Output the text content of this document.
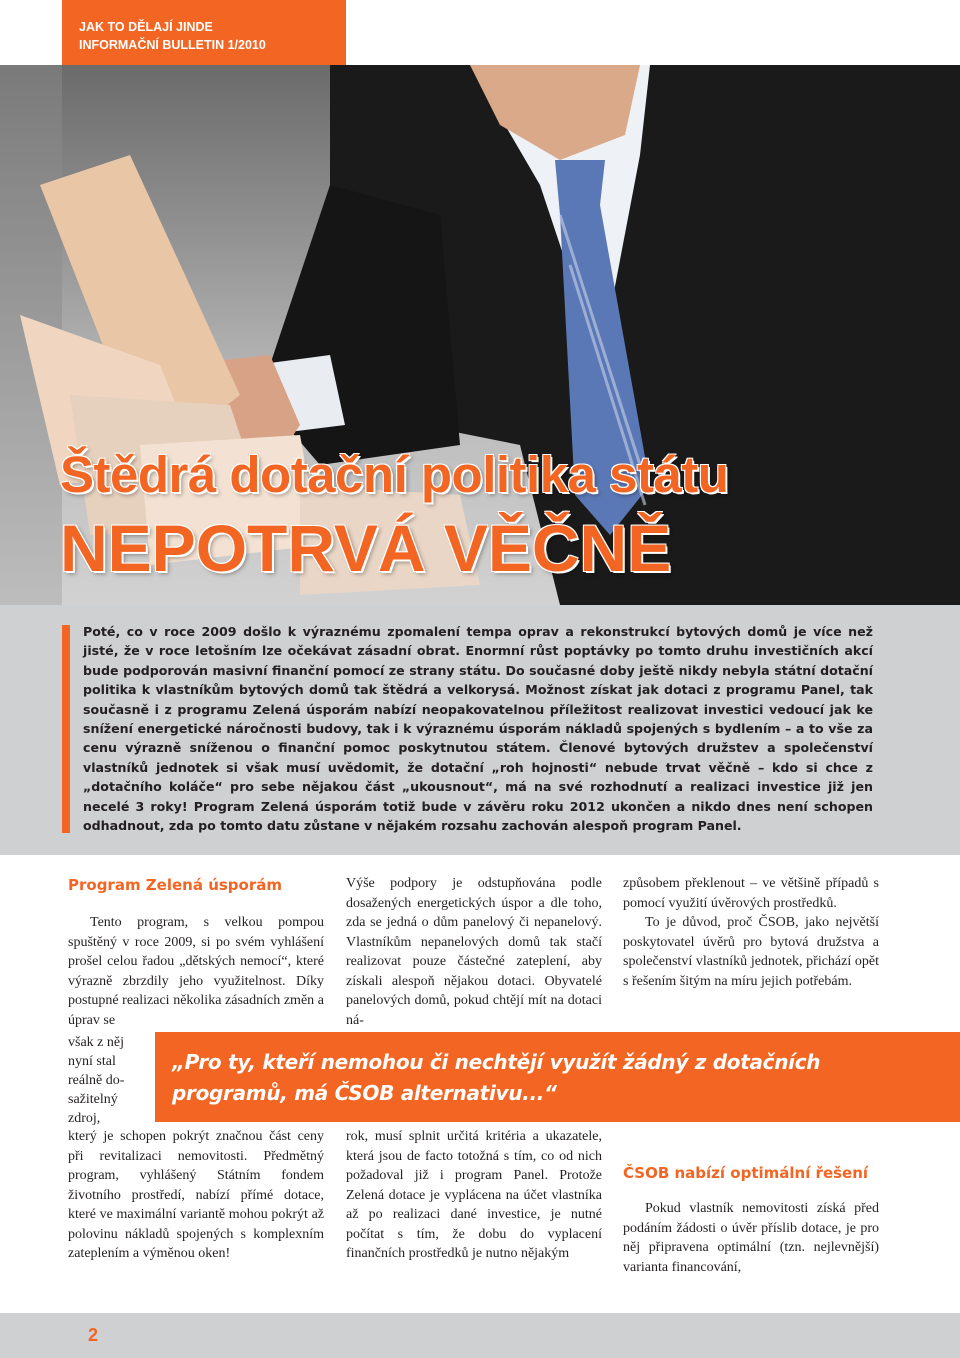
JAK TO DĚLAJÍ JINDE
INFORMAČNÍ BULLETIN 1/2010
Štědrá dotační politika státu
NEPOTRVÁ VĚČNĚ
Poté, co v roce 2009 došlo k výraznému zpomalení tempa oprav a rekonstrukcí bytových domů je více než jisté, že v roce letošním lze očekávat zásadní obrat. Enormní růst poptávky po tomto druhu investičních akcí bude podporován masivní finanční pomocí ze strany státu. Do současné doby ještě nikdy nebyla státní dotační politika k vlastníkům bytových domů tak štědrá a velkorysá. Možnost získat jak dotaci z programu Panel, tak současně i z programu Zelená úsporám nabízí neopakovatelnou příležitost realizovat investici vedoucí jak ke snížení energetické náročnosti budovy, tak i k výraznému úsporám nákladů spojených s bydlením – a to vše za cenu výrazně sníženou o finanční pomoc poskytnutou státem. Členové bytových družstev a společenství vlastníků jednotek si však musí uvědomit, že dotační „roh hojnosti“ nebude trvat věčně – kdo si chce z „dotačního koláče“ pro sebe nějakou část „ukousnout“, má na své rozhodnutí a realizaci investice již jen necelé 3 roky! Program Zelená úsporám totiž bude v závěru roku 2012 ukončen a nikdo dnes není schopen odhadnout, zda po tomto datu zůstane v nějakém rozsahu zachován alespoň program Panel.
Program Zelená úsporám

Tento program, s velkou pompou spuštěný v roce 2009, si po svém vyhlášení prošel celou řadou „dětských nemocí“, které výrazně zbrzdily jeho využitelnost. Díky postupné realizaci několika zásadních změn a úprav se

však z něj
nyní stal
reálně do-
sažitelný
zdroj,

který je schopen pokrýt značnou část ceny při revitalizaci nemovitosti. Předmětný program, vyhlášený Státním fondem životního prostředí, nabízí přímé dotace, které ve maximální variantě mohou pokrýt až polovinu nákladů spojených s komplexním zateplením a výměnou oken!

Výše podpory je odstupňována podle dosažených energetických úspor a dle toho, zda se jedná o dům panelový či nepanelový. Vlastníkům nepanelových domů tak stačí realizovat pouze částečné zateplení, aby získali alespoň nějakou dotaci. Obyvatelé panelových domů, pokud chtějí mít na dotaci ná-

rok, musí splnit určitá kritéria a ukazatele, která jsou de facto totožná s tím, co od nich požadoval již i program Panel. Protože Zelená dotace je vyplácena na účet vlastníka až po realizaci dané investice, je nutné počítat s tím, že dobu do vyplacení finančních prostředků je nutno nějakým

způsobem překlenout – ve většině případů s pomocí využití úvěrových prostředků.

To je důvod, proč ČSOB, jako největší poskytovatel úvěrů pro bytová družstva a společenství vlastníků jednotek, přichází opět s řešením šitým na míru jejich potřebám.

ČSOB nabízí optimální řešení

Pokud vlastník nemovitosti získá před podáním žádosti o úvěr příslib dotace, je pro něj připravena optimální (tzn. nejlevnější) varianta financování,

„Pro ty, kteří nemohou či nechtějí využít žádný z dotačních
programů, má ČSOB alternativu...“
2
